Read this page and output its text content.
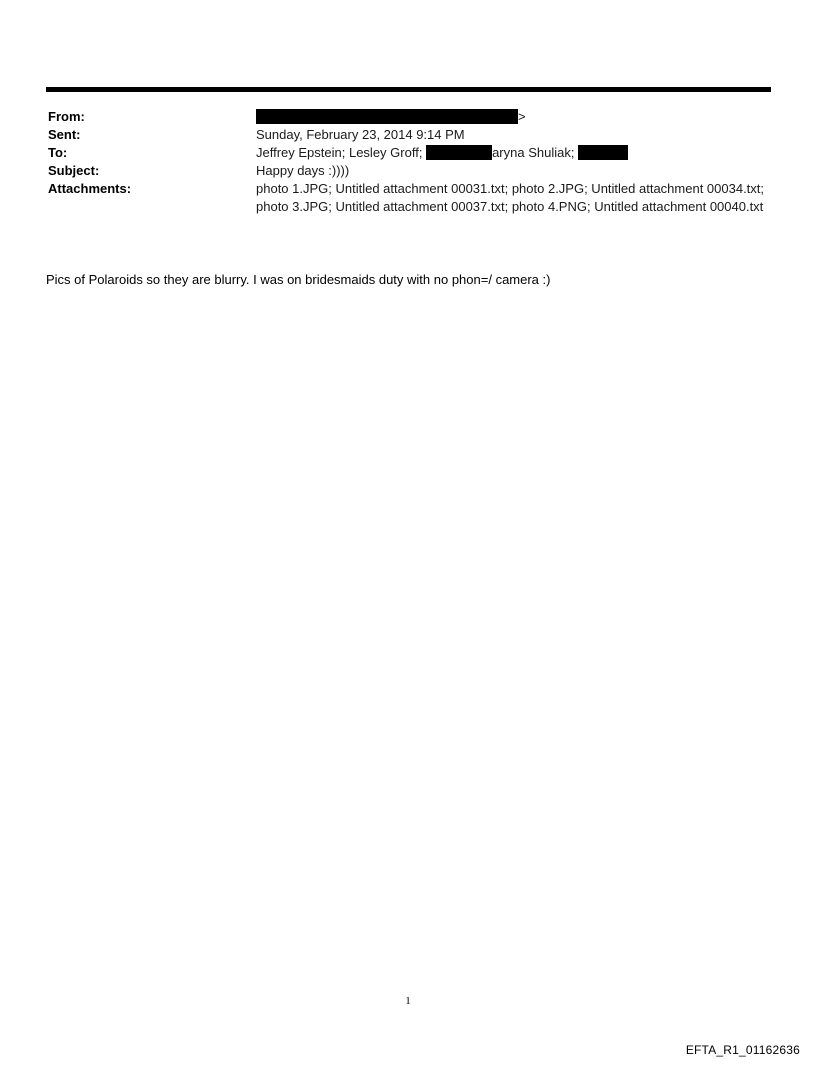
From:	>
Sent:	Sunday, February 23, 2014 9:14 PM
To:	Jeffrey Epstein; Lesley Groff;	aryna Shuliak;
Subject:	Happy days :))))
Attachments:	photo 1.JPG; Untitled attachment 00031.txt; photo 2.JPG; Untitled attachment 00034.txt; photo 3.JPG; Untitled attachment 00037.txt; photo 4.PNG; Untitled attachment 00040.txt
Pics of Polaroids so they are blurry. I was on bridesmaids duty with no phon=/ camera :)
1
EFTA_R1_01162636
